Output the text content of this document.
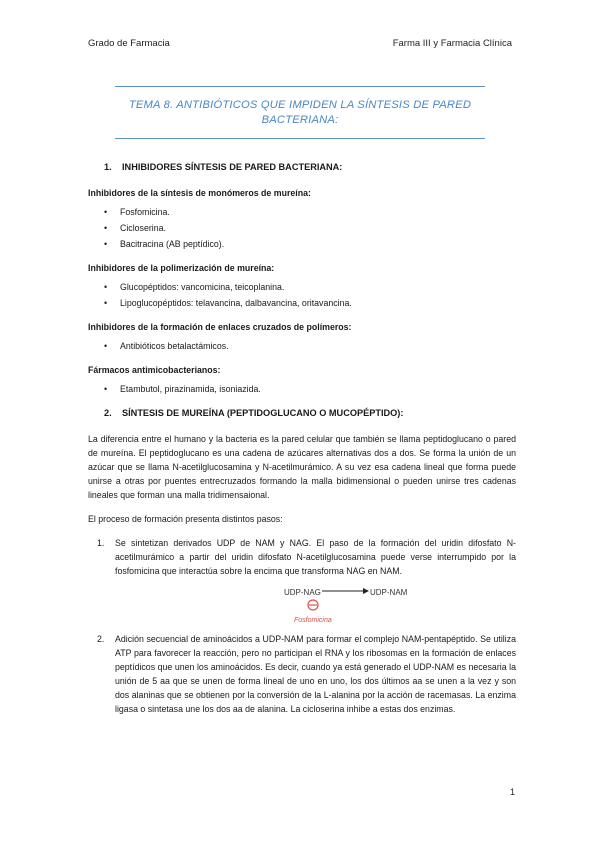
Grado de Farmacia	Farma III y Farmacia Clínica
TEMA 8. ANTIBIÓTICOS QUE IMPIDEN LA SÍNTESIS DE PARED
BACTERIANA:
1. INHIBIDORES SÍNTESIS DE PARED BACTERIANA:
Inhibidores de la síntesis de monómeros de mureína:
• Fosfomicina.
• Cicloserina.
• Bacitracina (AB peptídico).
Inhibidores de la polimerización de mureína:
• Glucopéptidos: vancomicina, teicoplanina.
• Lipoglucopéptidos: telavancina, dalbavancina, oritavancina.
Inhibidores de la formación de enlaces cruzados de polímeros:
• Antibióticos betalactámicos.
Fármacos antimicobacterianos:
• Etambutol, pirazinamida, isoniazida.
2. SÍNTESIS DE MUREÍNA (PEPTIDOGLUCANO O MUCOPÉPTIDO):

La diferencia entre el humano y la bacteria es la pared celular que también se llama peptidoglucano o pared de mureína. El peptidoglucano es una cadena de azúcares alternativas dos a dos. Se forma la unión de un azúcar que se llama N-acetilglucosamina y N-acetilmurámico. A su vez esa cadena lineal que forma puede unirse a otras por puentes entrecruzados formando la malla bidimensional o pueden unirse tres cadenas lineales que forman una malla tridimensaional.

El proceso de formación presenta distintos pasos:

1. Se sintetizan derivados UDP de NAM y NAG. El paso de la formación del uridin difosfato N-acetilmurámico a partir del uridin difosfato N-acetilglucosamina puede verse interrumpido por la fosfomicina que interactúa sobre la encima que transforma NAG en NAM.
UDP-NAG	UDP-NAM
Fosfomicina
2. Adición secuencial de aminoácidos a UDP-NAM para formar el complejo NAM-pentapéptido. Se utiliza ATP para favorecer la reacción, pero no participan el RNA y los ribosomas en la formación de enlaces peptídicos que unen los aminoácidos. Es decir, cuando ya está generado el UDP-NAM es necesaria la unión de 5 aa que se unen de forma lineal de uno en uno, los dos últimos aa se unen a la vez y son dos alaninas que se obtienen por la conversión de la L-alanina por la acción de racemasas. La enzima ligasa o sintetasa une los dos aa de alanina. La cicloserina inhibe a estas dos enzimas.
1
